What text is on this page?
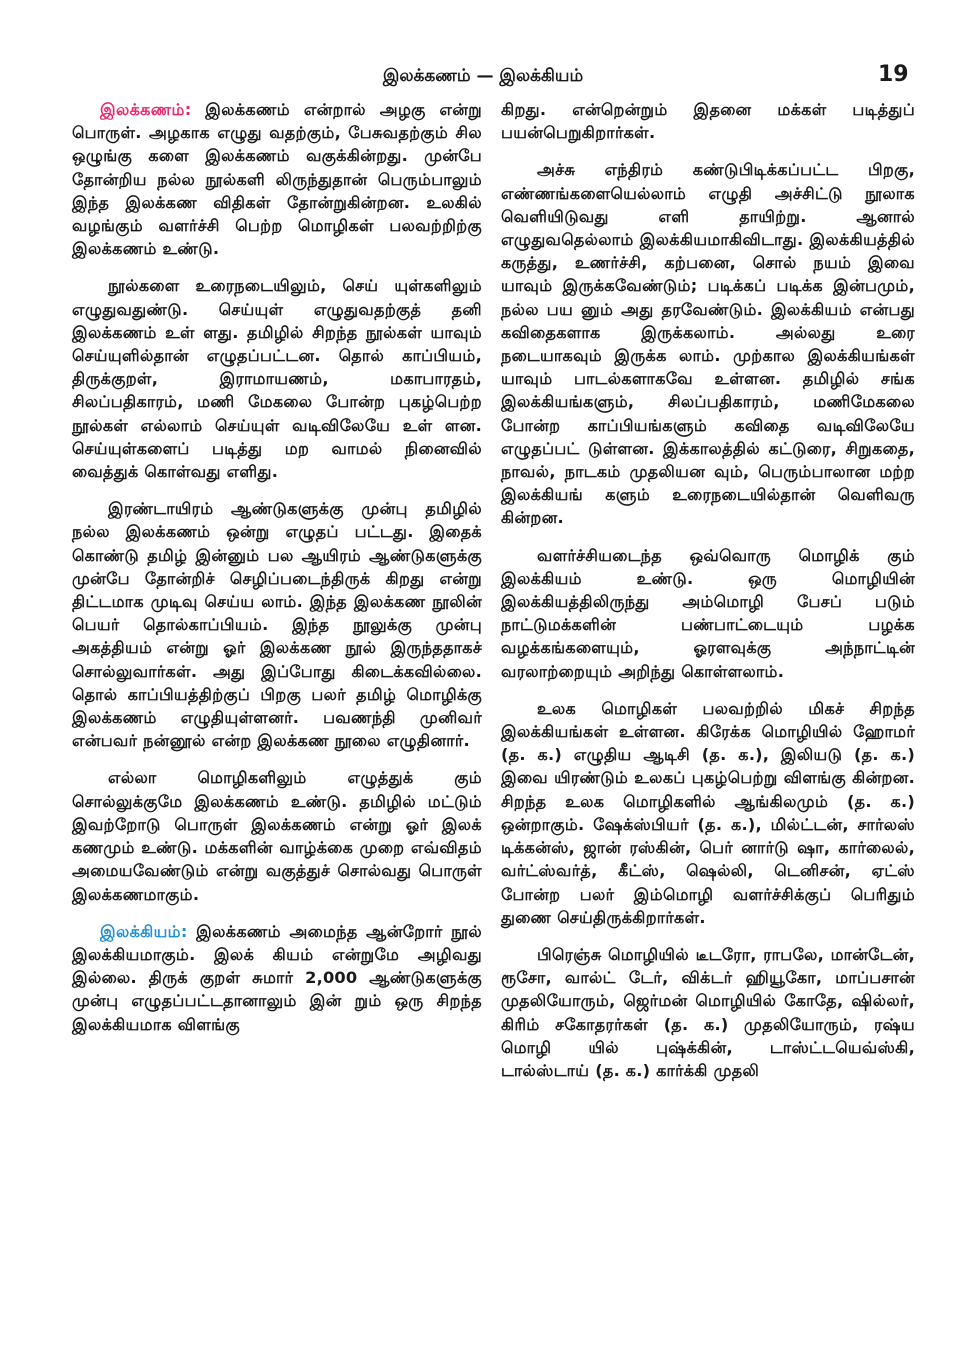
இலக்கணம் — இலக்கியம்	19

இலக்கணம்: இலக்கணம் என்றால் அழகு என்று பொருள். அழகாக எழுது வதற்கும், பேசுவதற்கும் சில ஒழுங்கு களை இலக்கணம் வகுக்கின்றது. முன்பே தோன்றிய நல்ல நூல்களி லிருந்துதான் பெரும்பாலும் இந்த இலக்கண விதிகள் தோன்றுகின்றன. உலகில் வழங்கும் வளர்ச்சி பெற்ற மொழிகள் பலவற்றிற்கு இலக்கணம் உண்டு.

நூல்களை உரைநடையிலும், செய் யுள்களிலும் எழுதுவதுண்டு. செய்யுள் எழுதுவதற்குத் தனி இலக்கணம் உள் ளது. தமிழில் சிறந்த நூல்கள் யாவும் செய்யுளில்தான் எழுதப்பட்டன. தொல் காப்பியம், திருக்குறள், இராமாயணம், மகாபாரதம், சிலப்பதிகாரம், மணி மேகலை போன்ற புகழ்பெற்ற நூல்கள் எல்லாம் செய்யுள் வடிவிலேயே உள் ளன. செய்யுள்களைப் படித்து மற வாமல் நினைவில் வைத்துக் கொள்வது எளிது.

இரண்டாயிரம் ஆண்டுகளுக்கு முன்பு தமிழில் நல்ல இலக்கணம் ஒன்று எழுதப் பட்டது. இதைக் கொண்டு தமிழ் இன்னும் பல ஆயிரம் ஆண்டுகளுக்கு முன்பே தோன்றிச் செழிப்படைந்திருக் கிறது என்று திட்டமாக முடிவு செய்ய லாம். இந்த இலக்கண நூலின் பெயர் தொல்காப்பியம். இந்த நூலுக்கு முன்பு அகத்தியம் என்று ஓர் இலக்கண நூல் இருந்ததாகச் சொல்லுவார்கள். அது இப்போது கிடைக்கவில்லை. தொல் காப்பியத்திற்குப் பிறகு பலர் தமிழ் மொழிக்கு இலக்கணம் எழுதியுள்ளனர். பவணந்தி முனிவர் என்பவர் நன்னூல் என்ற இலக்கண நூலை எழுதினார்.

எல்லா மொழிகளிலும் எழுத்துக் கும் சொல்லுக்குமே இலக்கணம் உண்டு. தமிழில் மட்டும் இவற்றோடு பொருள் இலக்கணம் என்று ஓர் இலக் கணமும் உண்டு. மக்களின் வாழ்க்கை முறை எவ்விதம் அமையவேண்டும் என்று வகுத்துச் சொல்வது பொருள் இலக்கணமாகும்.

இலக்கியம்: இலக்கணம் அமைந்த ஆன்றோர் நூல் இலக்கியமாகும். இலக் கியம் என்றுமே அழிவது இல்லை. திருக் குறள் சுமார் 2,000 ஆண்டுகளுக்கு முன்பு எழுதப்பட்டதானாலும் இன் றும் ஒரு சிறந்த இலக்கியமாக விளங்கு

கிறது. என்றென்றும் இதனை மக்கள் படித்துப் பயன்பெறுகிறார்கள்.

அச்சு எந்திரம் கண்டுபிடிக்கப்பட்ட பிறகு, எண்ணங்களையெல்லாம் எழுதி அச்சிட்டு நூலாக வெளியிடுவது எளி தாயிற்று. ஆனால் எழுதுவதெல்லாம் இலக்கியமாகிவிடாது. இலக்கியத்தில் கருத்து, உணர்ச்சி, கற்பனை, சொல் நயம் இவை யாவும் இருக்கவேண்டும்; படிக்கப் படிக்க இன்பமும், நல்ல பய னும் அது தரவேண்டும். இலக்கியம் என்பது கவிதைகளாக இருக்கலாம். அல்லது உரை நடையாகவும் இருக்க லாம். முற்கால இலக்கியங்கள் யாவும் பாடல்களாகவே உள்ளன. தமிழில் சங்க இலக்கியங்களும், சிலப்பதிகாரம், மணிமேகலை போன்ற காப்பியங்களும் கவிதை வடிவிலேயே எழுதப்பட் டுள்ளன. இக்காலத்தில் கட்டுரை, சிறுகதை, நாவல், நாடகம் முதலியன வும், பெரும்பாலான மற்ற இலக்கியங் களும் உரைநடையில்தான் வெளிவரு கின்றன.

வளர்ச்சியடைந்த ஒவ்வொரு மொழிக் கும் இலக்கியம் உண்டு. ஒரு மொழியின் இலக்கியத்திலிருந்து அம்மொழி பேசப் படும் நாட்டுமக்களின் பண்பாட்டையும் பழக்க வழக்கங்களையும், ஓரளவுக்கு அந்நாட்டின் வரலாற்றையும் அறிந்து கொள்ளலாம்.

உலக மொழிகள் பலவற்றில் மிகச் சிறந்த இலக்கியங்கள் உள்ளன. கிரேக்க மொழியில் ஹோமர் (த. க.) எழுதிய ஆடிசி (த. க.), இலியடு (த. க.) இவை யிரண்டும் உலகப் புகழ்பெற்று விளங்கு கின்றன. சிறந்த உலக மொழிகளில் ஆங்கிலமும் (த. க.) ஒன்றாகும். ஷேக்ஸ்பியர் (த. க.), மில்ட்டன், சார்லஸ் டிக்கன்ஸ், ஜான் ரஸ்கின், பெர் னார்டு ஷா, கார்லைல், வர்ட்ஸ்வர்த், கீட்ஸ், ஷெல்லி, டெனிசன், ஏட்ஸ் போன்ற பலர் இம்மொழி வளர்ச்சிக்குப் பெரிதும் துணை செய்திருக்கிறார்கள்.

பிரெஞ்சு மொழியில் டீடரோ, ராபலே, மான்டேன், ரூசோ, வால்ட் டேர், விக்டர் ஹியூகோ, மாப்பசான் முதலியோரும், ஜெர்மன் மொழியில் கோதே, ஷில்லர், கிரிம் சகோதரர்கள் (த. க.) முதலியோரும், ரஷ்ய மொழி யில் புஷ்க்கின், டாஸ்ட்டயெவ்ஸ்கி, டால்ஸ்டாய் (த. க.) கார்க்கி முதலி
